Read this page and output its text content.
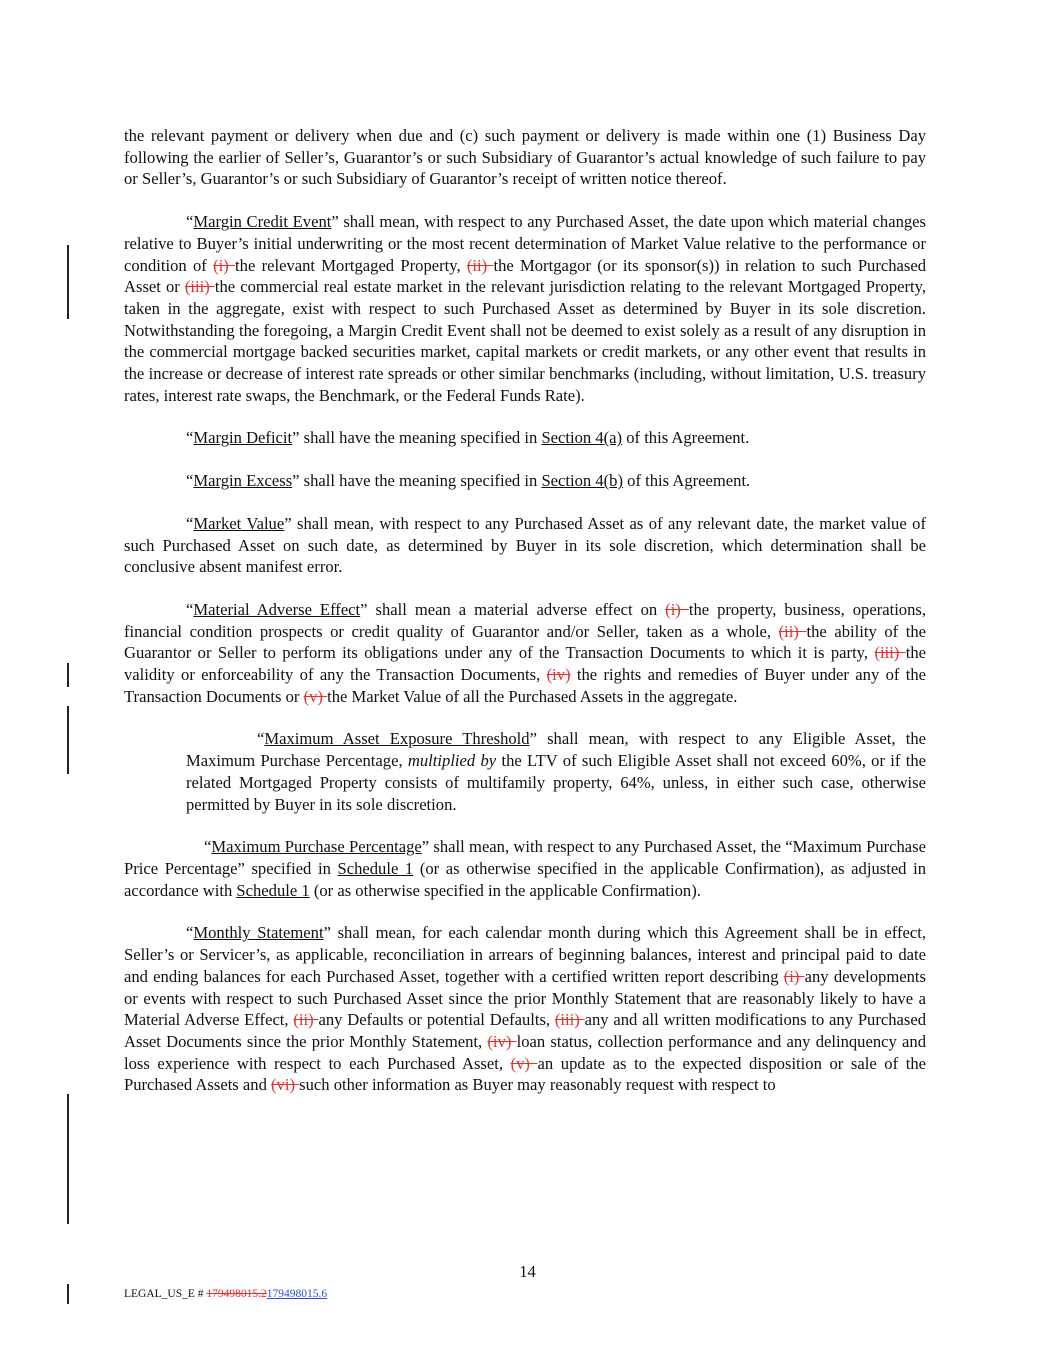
the relevant payment or delivery when due and (c) such payment or delivery is made within one (1) Business Day following the earlier of Seller’s, Guarantor’s or such Subsidiary of Guarantor’s actual knowledge of such failure to pay or Seller’s, Guarantor’s or such Subsidiary of Guarantor’s receipt of written notice thereof.

“Margin Credit Event” shall mean, with respect to any Purchased Asset, the date upon which material changes relative to Buyer’s initial underwriting or the most recent determination of Market Value relative to the performance or condition of (i) the relevant Mortgaged Property, (ii) the Mortgagor (or its sponsor(s)) in relation to such Purchased Asset or (iii) the commercial real estate market in the relevant jurisdiction relating to the relevant Mortgaged Property, taken in the aggregate, exist with respect to such Purchased Asset as determined by Buyer in its sole discretion. Notwithstanding the foregoing, a Margin Credit Event shall not be deemed to exist solely as a result of any disruption in the commercial mortgage backed securities market, capital markets or credit markets, or any other event that results in the increase or decrease of interest rate spreads or other similar benchmarks (including, without limitation, U.S. treasury rates, interest rate swaps, the Benchmark, or the Federal Funds Rate).

“Margin Deficit” shall have the meaning specified in Section 4(a) of this Agreement.

“Margin Excess” shall have the meaning specified in Section 4(b) of this Agreement.

“Market Value” shall mean, with respect to any Purchased Asset as of any relevant date, the market value of such Purchased Asset on such date, as determined by Buyer in its sole discretion, which determination shall be conclusive absent manifest error.

“Material Adverse Effect” shall mean a material adverse effect on (i) the property, business, operations, financial condition prospects or credit quality of Guarantor and/or Seller, taken as a whole, (ii) the ability of the Guarantor or Seller to perform its obligations under any of the Transaction Documents to which it is party, (iii) the validity or enforceability of any the Transaction Documents, (iv) the rights and remedies of Buyer under any of the Transaction Documents or (v) the Market Value of all the Purchased Assets in the aggregate.

“Maximum Asset Exposure Threshold” shall mean, with respect to any Eligible Asset, the Maximum Purchase Percentage, multiplied by the LTV of such Eligible Asset shall not exceed 60%, or if the related Mortgaged Property consists of multifamily property, 64%, unless, in either such case, otherwise permitted by Buyer in its sole discretion.

“Maximum Purchase Percentage” shall mean, with respect to any Purchased Asset, the “Maximum Purchase Price Percentage” specified in Schedule 1 (or as otherwise specified in the applicable Confirmation), as adjusted in accordance with Schedule 1 (or as otherwise specified in the applicable Confirmation).

“Monthly Statement” shall mean, for each calendar month during which this Agreement shall be in effect, Seller’s or Servicer’s, as applicable, reconciliation in arrears of beginning balances, interest and principal paid to date and ending balances for each Purchased Asset, together with a certified written report describing (i) any developments or events with respect to such Purchased Asset since the prior Monthly Statement that are reasonably likely to have a Material Adverse Effect, (ii) any Defaults or potential Defaults, (iii) any and all written modifications to any Purchased Asset Documents since the prior Monthly Statement, (iv) loan status, collection performance and any delinquency and loss experience with respect to each Purchased Asset, (v) an update as to the expected disposition or sale of the Purchased Assets and (vi) such other information as Buyer may reasonably request with respect to

14
LEGAL_US_E # 179498015.2179498015.6
